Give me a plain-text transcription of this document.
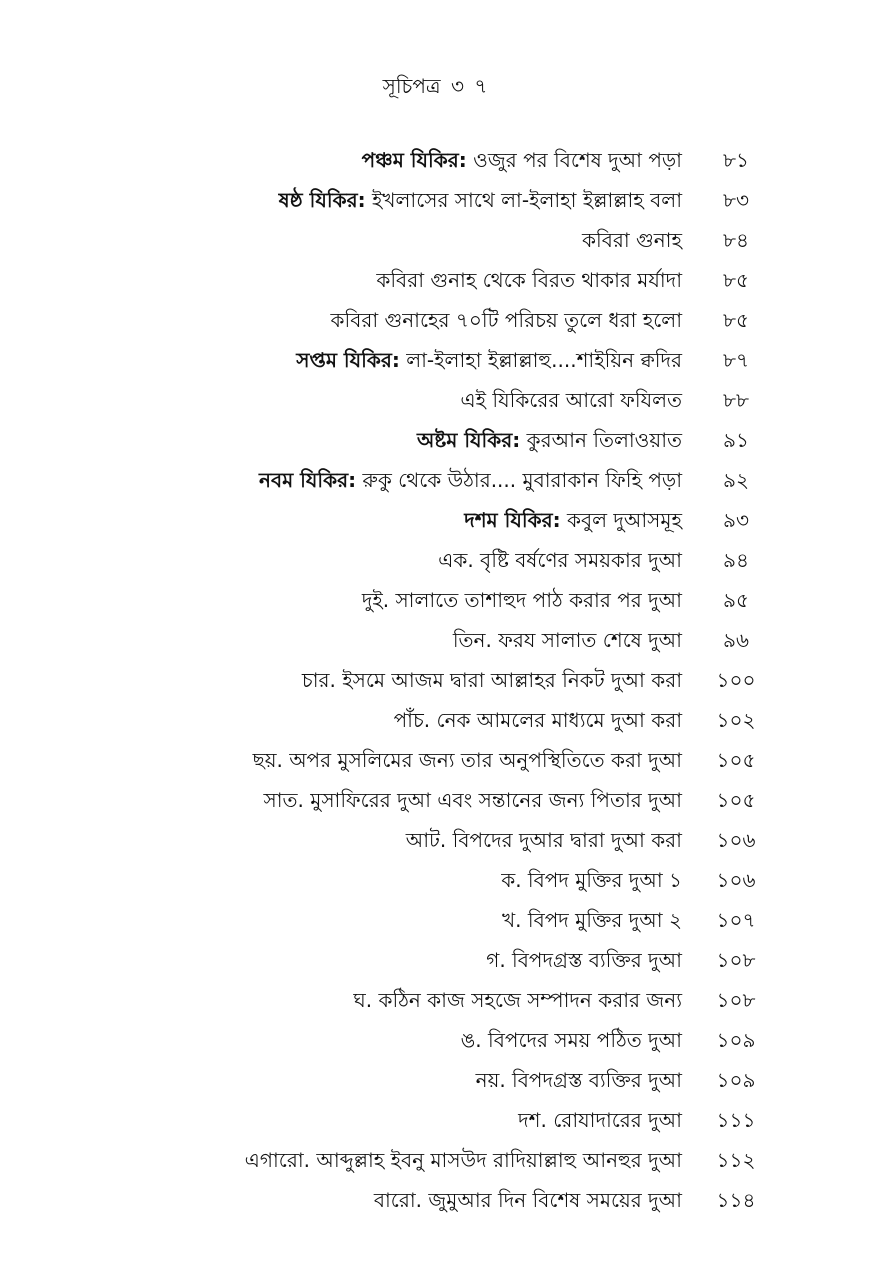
সূচিপত্র ৩ ৭
পঞ্চম যিকির: ওজুর পর বিশেষ দুআ পড়া	৮১
ষষ্ঠ যিকির: ইখলাসের সাথে লা-ইলাহা ইল্লাল্লাহ বলা	৮৩
কবিরা গুনাহ	৮৪
কবিরা গুনাহ থেকে বিরত থাকার মর্যাদা	৮৫
কবিরা গুনাহের ৭০টি পরিচয় তুলে ধরা হলো	৮৫
সপ্তম যিকির: লা-ইলাহা ইল্লাল্লাহু....শাইয়িন ক্বদির	৮৭
এই যিকিরের আরো ফযিলত	৮৮
অষ্টম যিকির: কুরআন তিলাওয়াত	৯১
নবম যিকির: রুকু থেকে উঠার.... মুবারাকান ফিহি পড়া	৯২
দশম যিকির: কবুল দুআসমূহ	৯৩
এক. বৃষ্টি বর্ষণের সময়কার দুআ	৯৪
দুই. সালাতে তাশাহুদ পাঠ করার পর দুআ	৯৫
তিন. ফরয সালাত শেষে দুআ	৯৬
চার. ইসমে আজম দ্বারা আল্লাহর নিকট দুআ করা	১০০
পাঁচ. নেক আমলের মাধ্যমে দুআ করা	১০২
ছয়. অপর মুসলিমের জন্য তার অনুপস্থিতিতে করা দুআ	১০৫
সাত. মুসাফিরের দুআ এবং সন্তানের জন্য পিতার দুআ	১০৫
আট. বিপদের দুআর দ্বারা দুআ করা	১০৬
ক. বিপদ মুক্তির দুআ ১	১০৬
খ. বিপদ মুক্তির দুআ ২	১০৭
গ. বিপদগ্রস্ত ব্যক্তির দুআ	১০৮
ঘ. কঠিন কাজ সহজে সম্পাদন করার জন্য	১০৮
ঙ. বিপদের সময় পঠিত দুআ	১০৯
নয়. বিপদগ্রস্ত ব্যক্তির দুআ	১০৯
দশ. রোযাদারের দুআ	১১১
এগারো. আব্দুল্লাহ ইবনু মাসউদ রাদিয়াল্লাহু আনহুর দুআ	১১২
বারো. জুমুআর দিন বিশেষ সময়ের দুআ	১১৪
